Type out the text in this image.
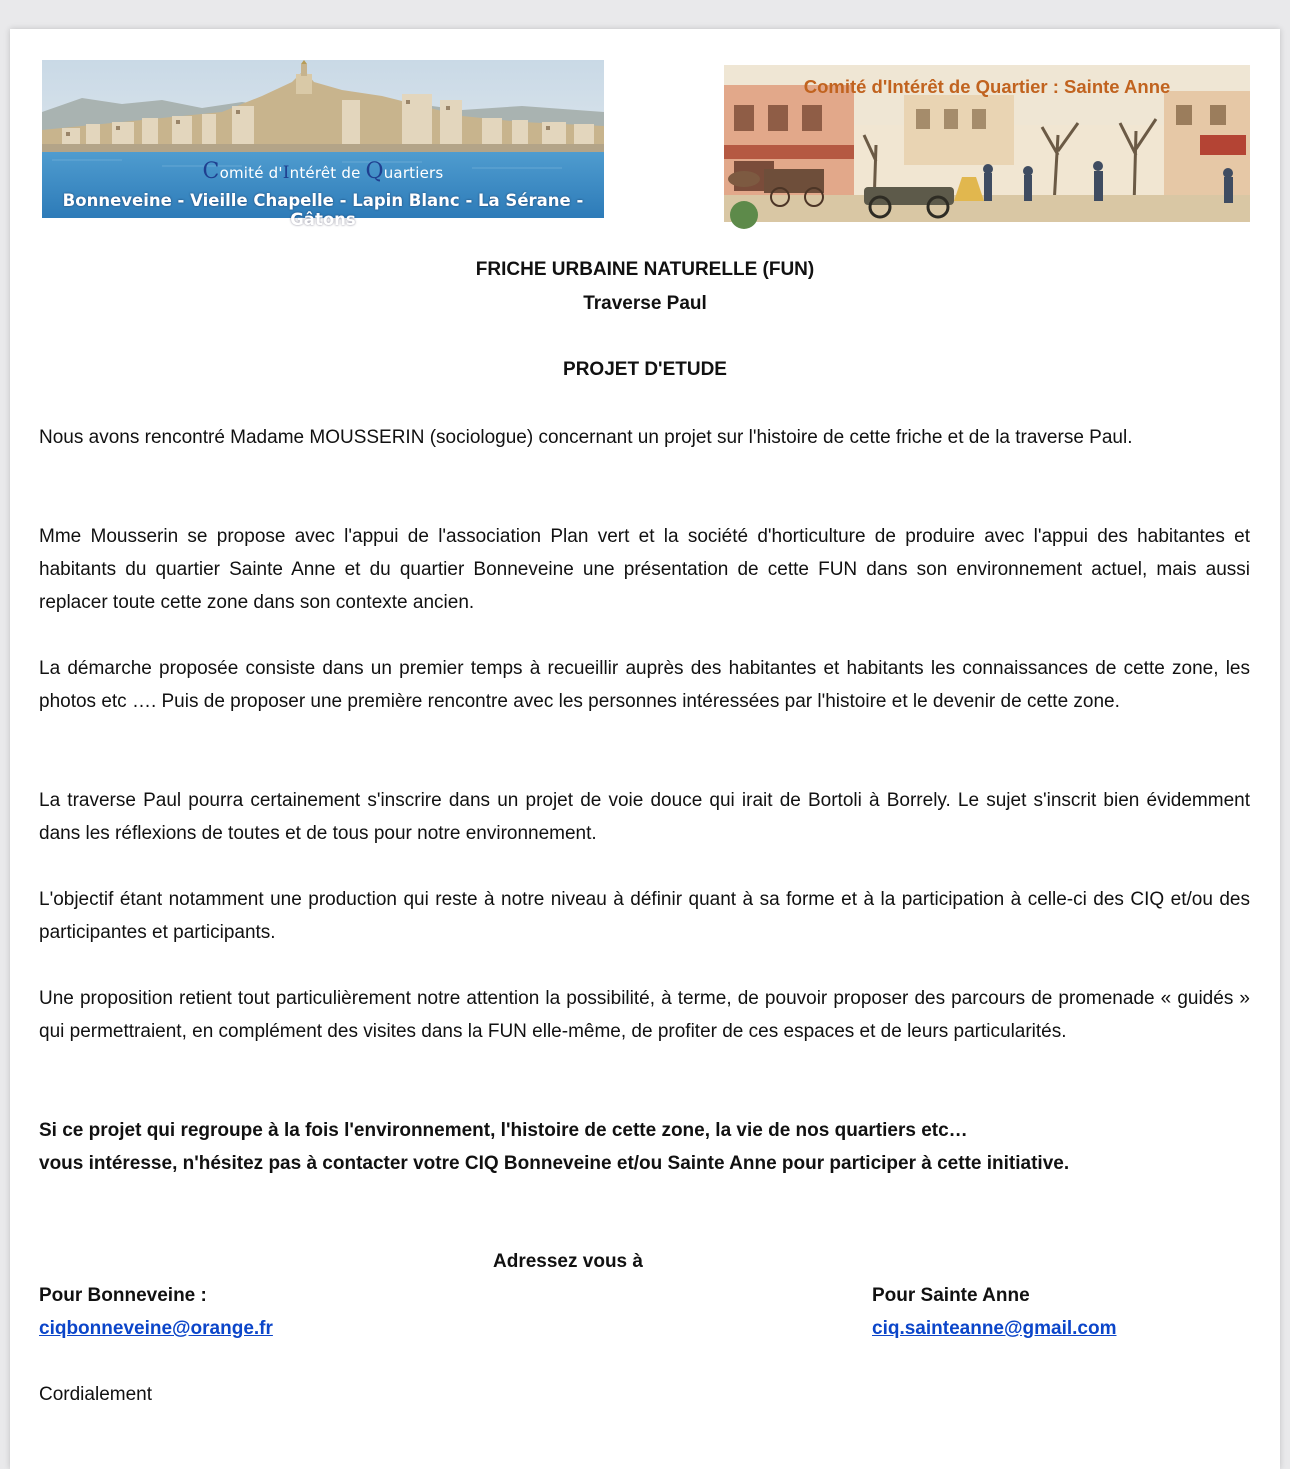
Comité d'Intérêt de Quartiers
Bonneveine - Vieille Chapelle - Lapin Blanc - La Sérane - Gâtons
Comité d'Intérêt de Quartier : Sainte Anne
FRICHE URBAINE NATURELLE (FUN)
Traverse Paul
PROJET D'ETUDE
Nous avons rencontré Madame MOUSSERIN (sociologue) concernant un projet sur l'histoire de cette friche et de la traverse Paul.
Mme Mousserin se propose avec l'appui de l'association Plan vert et la société d'horticulture de produire avec l'appui des habitantes et habitants du quartier Sainte Anne et du quartier Bonneveine une présentation de cette FUN dans son environnement actuel, mais aussi replacer toute cette zone dans son contexte ancien.
La démarche proposée consiste dans un premier temps à recueillir auprès des habitantes et habitants les connaissances de cette zone, les photos etc …. Puis de proposer une première rencontre avec les personnes intéressées par l'histoire et le devenir de cette zone.
La traverse Paul pourra certainement s'inscrire dans un projet de voie douce qui irait de Bortoli à Borrely. Le sujet s'inscrit bien évidemment dans les réflexions de toutes et de tous pour notre environnement.
L'objectif étant notamment une production qui reste à notre niveau à définir quant à sa forme et à la participation à celle-ci des CIQ et/ou des participantes et participants.
Une proposition retient tout particulièrement notre attention la possibilité, à terme, de pouvoir proposer des parcours de promenade « guidés » qui permettraient, en complément des visites dans la FUN elle-même, de profiter de ces espaces et de leurs particularités.
Si ce projet qui regroupe à la fois l'environnement, l'histoire de cette zone, la vie de nos quartiers etc…
vous intéresse, n'hésitez pas à contacter votre CIQ Bonneveine et/ou Sainte Anne pour participer à cette initiative.
Adressez vous à
Pour Bonneveine :	Pour Sainte Anne
ciqbonneveine@orange.fr	ciq.sainteanne@gmail.com
Cordialement
